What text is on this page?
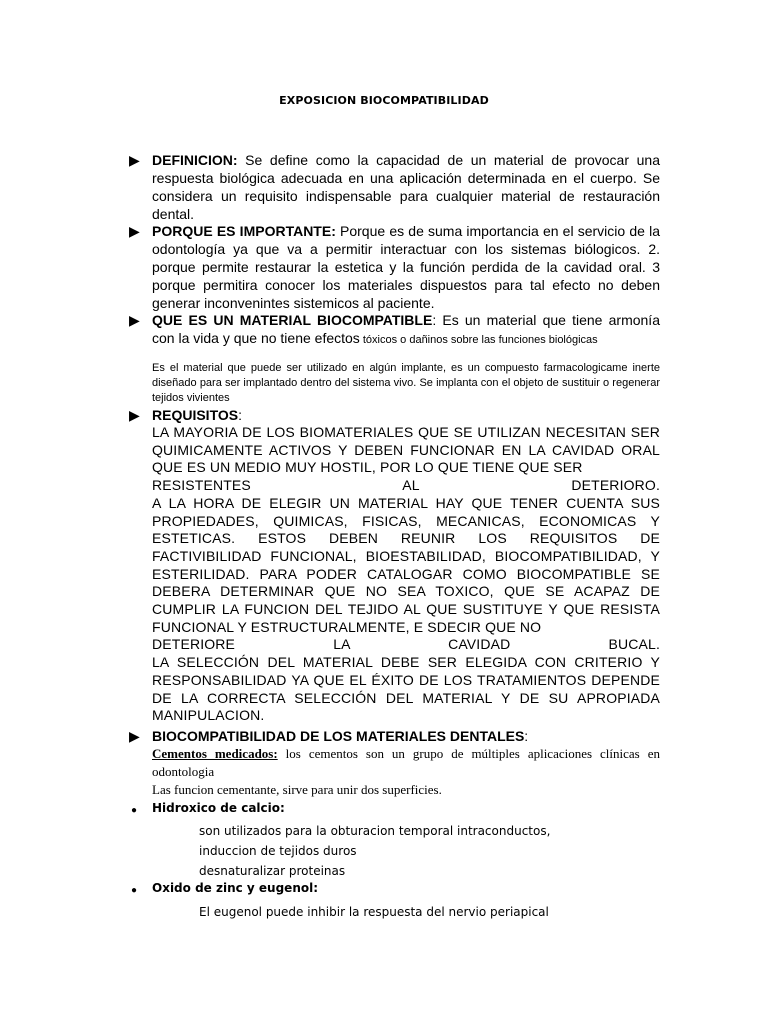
EXPOSICION BIOCOMPATIBILIDAD
▶ DEFINICION: Se define como la capacidad de un material de provocar una respuesta biológica adecuada en una aplicación determinada en el cuerpo. Se considera un requisito indispensable para cualquier material de restauración dental.
▶ PORQUE ES IMPORTANTE: Porque es de suma importancia en el servicio de la odontología ya que va a permitir interactuar con los sistemas biólogicos. 2. porque permite restaurar la estetica y la función perdida de la cavidad oral. 3 porque permitira conocer los materiales dispuestos para tal efecto no deben generar inconvenintes sistemicos al paciente.
▶ QUE ES UN MATERIAL BIOCOMPATIBLE: Es un material que tiene armonía con la vida y que no tiene efectos tóxicos o dañinos sobre las funciones biológicas
Es el material que puede ser utilizado en algún implante, es un compuesto farmacologicame inerte diseñado para ser implantado dentro del sistema vivo. Se implanta con el objeto de sustituir o regenerar tejidos vivientes
▶ REQUISITOS:
LA MAYORIA DE LOS BIOMATERIALES QUE SE UTILIZAN NECESITAN SER QUIMICAMENTE ACTIVOS Y DEBEN FUNCIONAR EN LA CAVIDAD ORAL QUE ES UN MEDIO MUY HOSTIL, POR LO QUE TIENE QUE SER
RESISTENTES AL DETERIORO.
A LA HORA DE ELEGIR UN MATERIAL HAY QUE TENER CUENTA SUS PROPIEDADES, QUIMICAS, FISICAS, MECANICAS, ECONOMICAS Y ESTETICAS. ESTOS DEBEN REUNIR LOS REQUISITOS DE FACTIVIBILIDAD FUNCIONAL, BIOESTABILIDAD, BIOCOMPATIBILIDAD, Y ESTERILIDAD. PARA PODER CATALOGAR COMO BIOCOMPATIBLE SE DEBERA DETERMINAR QUE NO SEA TOXICO, QUE SE ACAPAZ DE CUMPLIR LA FUNCION DEL TEJIDO AL QUE SUSTITUYE Y QUE RESISTA FUNCIONAL Y ESTRUCTURALMENTE, E SDECIR QUE NO
DETERIORE LA CAVIDAD BUCAL.
LA SELECCIÓN DEL MATERIAL DEBE SER ELEGIDA CON CRITERIO Y RESPONSABILIDAD YA QUE EL ÉXITO DE LOS TRATAMIENTOS DEPENDE DE LA CORRECTA SELECCIÓN DEL MATERIAL Y DE SU APROPIADA MANIPULACION.
▶ BIOCOMPATIBILIDAD DE LOS MATERIALES DENTALES:
Cementos medicados: los cementos son un grupo de múltiples aplicaciones clínicas en odontologia
Las funcion cementante, sirve para unir dos superficies.
● Hidroxico de calcio:
son utilizados para la obturacion temporal intraconductos,
induccion de tejidos duros
desnaturalizar proteinas
● Oxido de zinc y eugenol:
El eugenol puede inhibir la respuesta del nervio periapical
